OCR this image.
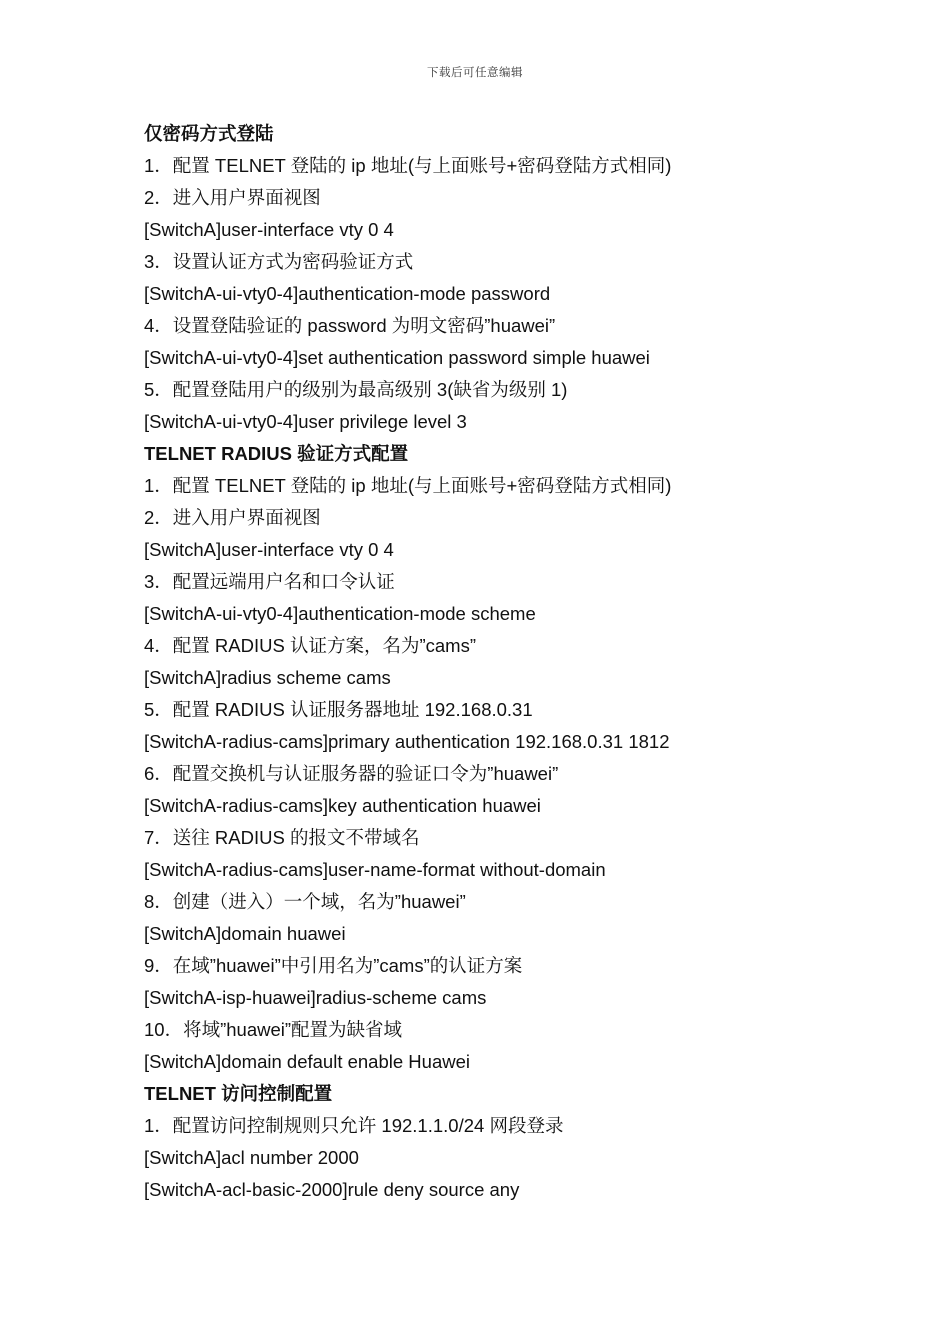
下载后可任意编辑
仅密码方式登陆
1．配置 TELNET 登陆的 ip 地址(与上面账号+密码登陆方式相同)
2．进入用户界面视图
[SwitchA]user-interface vty 0 4
3．设置认证方式为密码验证方式
[SwitchA-ui-vty0-4]authentication-mode password
4．设置登陆验证的 password 为明文密码”huawei”
[SwitchA-ui-vty0-4]set authentication password simple huawei
5．配置登陆用户的级别为最高级别 3(缺省为级别 1)
[SwitchA-ui-vty0-4]user privilege level 3
TELNET RADIUS 验证方式配置
1．配置 TELNET 登陆的 ip 地址(与上面账号+密码登陆方式相同)
2．进入用户界面视图
[SwitchA]user-interface vty 0 4
3．配置远端用户名和口令认证
[SwitchA-ui-vty0-4]authentication-mode scheme
4．配置 RADIUS 认证方案，名为”cams”
[SwitchA]radius scheme cams
5．配置 RADIUS 认证服务器地址 192.168.0.31
[SwitchA-radius-cams]primary authentication 192.168.0.31 1812
6．配置交换机与认证服务器的验证口令为”huawei”
[SwitchA-radius-cams]key authentication huawei
7．送往 RADIUS 的报文不带域名
[SwitchA-radius-cams]user-name-format without-domain
8．创建（进入）一个域，名为”huawei”
[SwitchA]domain huawei
9．在域”huawei”中引用名为”cams”的认证方案
[SwitchA-isp-huawei]radius-scheme cams
10．将域”huawei”配置为缺省域
[SwitchA]domain default enable Huawei
TELNET 访问控制配置
1．配置访问控制规则只允许 192.1.1.0/24 网段登录
[SwitchA]acl number 2000
[SwitchA-acl-basic-2000]rule deny source any
